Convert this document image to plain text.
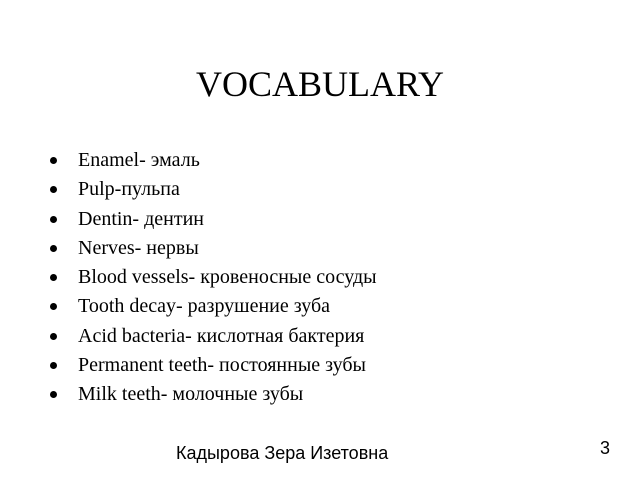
VOCABULARY
Enamel- эмаль
Pulp-пульпа
Dentin- дентин
Nerves- нервы
Blood vessels- кровеносные сосуды
Tooth decay- разрушение зуба
Acid bacteria- кислотная бактерия
Permanent teeth- постоянные зубы
Milk teeth- молочные зубы
Кадырова Зера Изетовна	3
